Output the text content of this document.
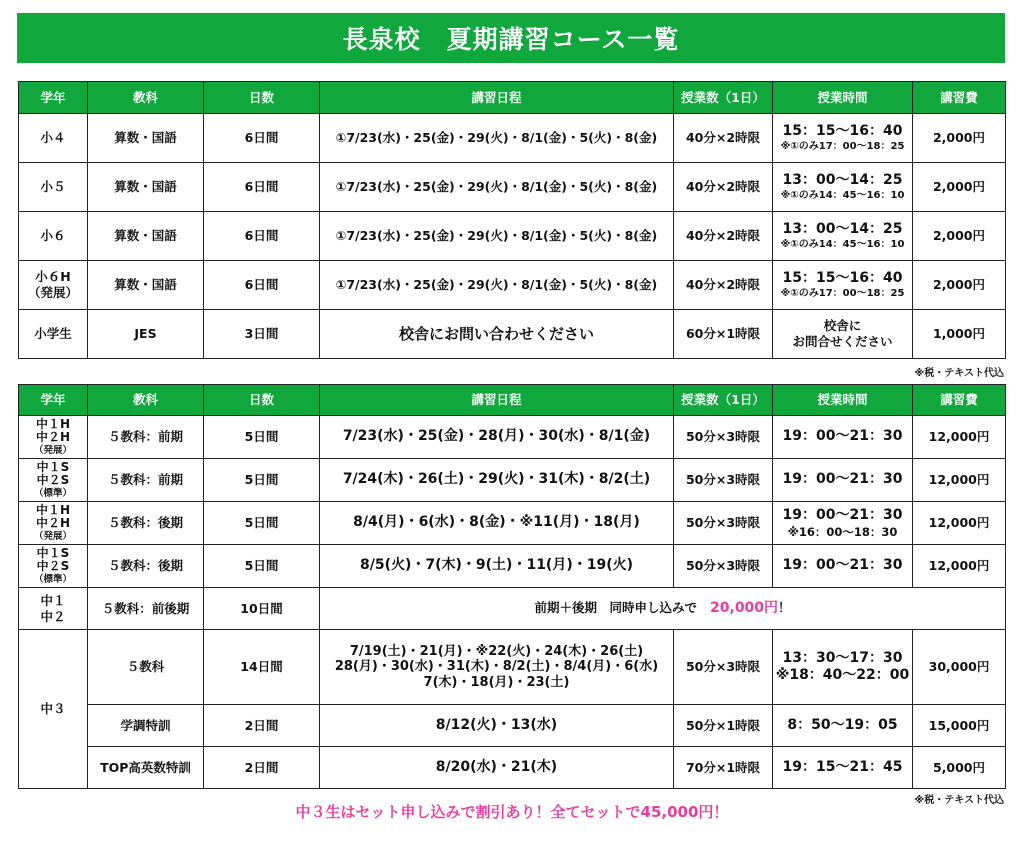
長泉校　夏期講習コース一覧
学年	教科	日数	講習日程	授業数（1日）	授業時間	講習費
小４	算数・国語	6日間	①7/23(水)・25(金)・29(火)・8/1(金)・5(火)・8(金)	40分×2時限	15：15〜16：40
※①のみ17：00〜18：25	2,000円
小５	算数・国語	6日間	①7/23(水)・25(金)・29(火)・8/1(金)・5(火)・8(金)	40分×2時限	13：00〜14：25
※①のみ14：45〜16：10	2,000円
小６	算数・国語	6日間	①7/23(水)・25(金)・29(火)・8/1(金)・5(火)・8(金)	40分×2時限	13：00〜14：25
※①のみ14：45〜16：10	2,000円
小６H
（発展）	算数・国語	6日間	①7/23(水)・25(金)・29(火)・8/1(金)・5(火)・8(金)	40分×2時限	15：15〜16：40
※①のみ17：00〜18：25	2,000円
小学生	JES	3日間	校舎にお問い合わせください	60分×1時限	校舎に
お問合せください	1,000円
※税・テキスト代込
学年	教科	日数	講習日程	授業数（1日）	授業時間	講習費
中１H
中２H
（発展）	５教科：前期	5日間	7/23(水)・25(金)・28(月)・30(水)・8/1(金)	50分×3時限	19：00〜21：30	12,000円
中１S
中２S
（標準）	５教科：前期	5日間	7/24(木)・26(土)・29(火)・31(木)・8/2(土)	50分×3時限	19：00〜21：30	12,000円
中１H
中２H
（発展）	５教科：後期	5日間	8/4(月)・6(水)・8(金)・※11(月)・18(月)	50分×3時限	19：00〜21：30
※16：00〜18：30	12,000円
中１S
中２S
（標準）	５教科：後期	5日間	8/5(火)・7(木)・9(土)・11(月)・19(火)	50分×3時限	19：00〜21：30	12,000円
中１
中２	５教科：前後期	10日間	前期＋後期　同時申し込みで 20,000円！			
中３	５教科	14日間	7/19(土)・21(月)・※22(火)・24(木)・26(土)
28(月)・30(水)・31(木)・8/2(土)・8/4(月)・6(水)
7(木)・18(月)・23(土)	50分×3時限	13：30〜17：30
※18：40〜22：00	30,000円
	学調特訓	2日間	8/12(火)・13(水)	50分×1時限	8：50〜19：05	15,000円
	TOP高英数特訓	2日間	8/20(水)・21(木)	70分×1時限	19：15〜21：45	5,000円
※税・テキスト代込
中３生はセット申し込みで割引あり！全てセットで45,000円！
